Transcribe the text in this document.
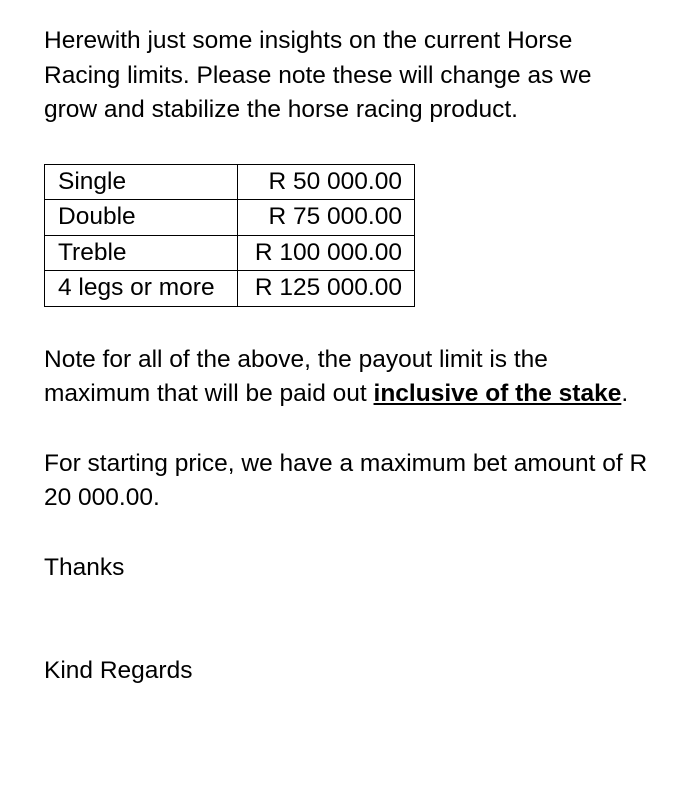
Herewith just some insights on the current Horse Racing limits. Please note these will change as we grow and stabilize the horse racing product.

Single	R 50 000.00
Double	R 75 000.00
Treble	R 100 000.00
4 legs or more	R 125 000.00

Note for all of the above, the payout limit is the maximum that will be paid out inclusive of the stake.

For starting price, we have a maximum bet amount of R 20 000.00.

Thanks

Kind Regards
